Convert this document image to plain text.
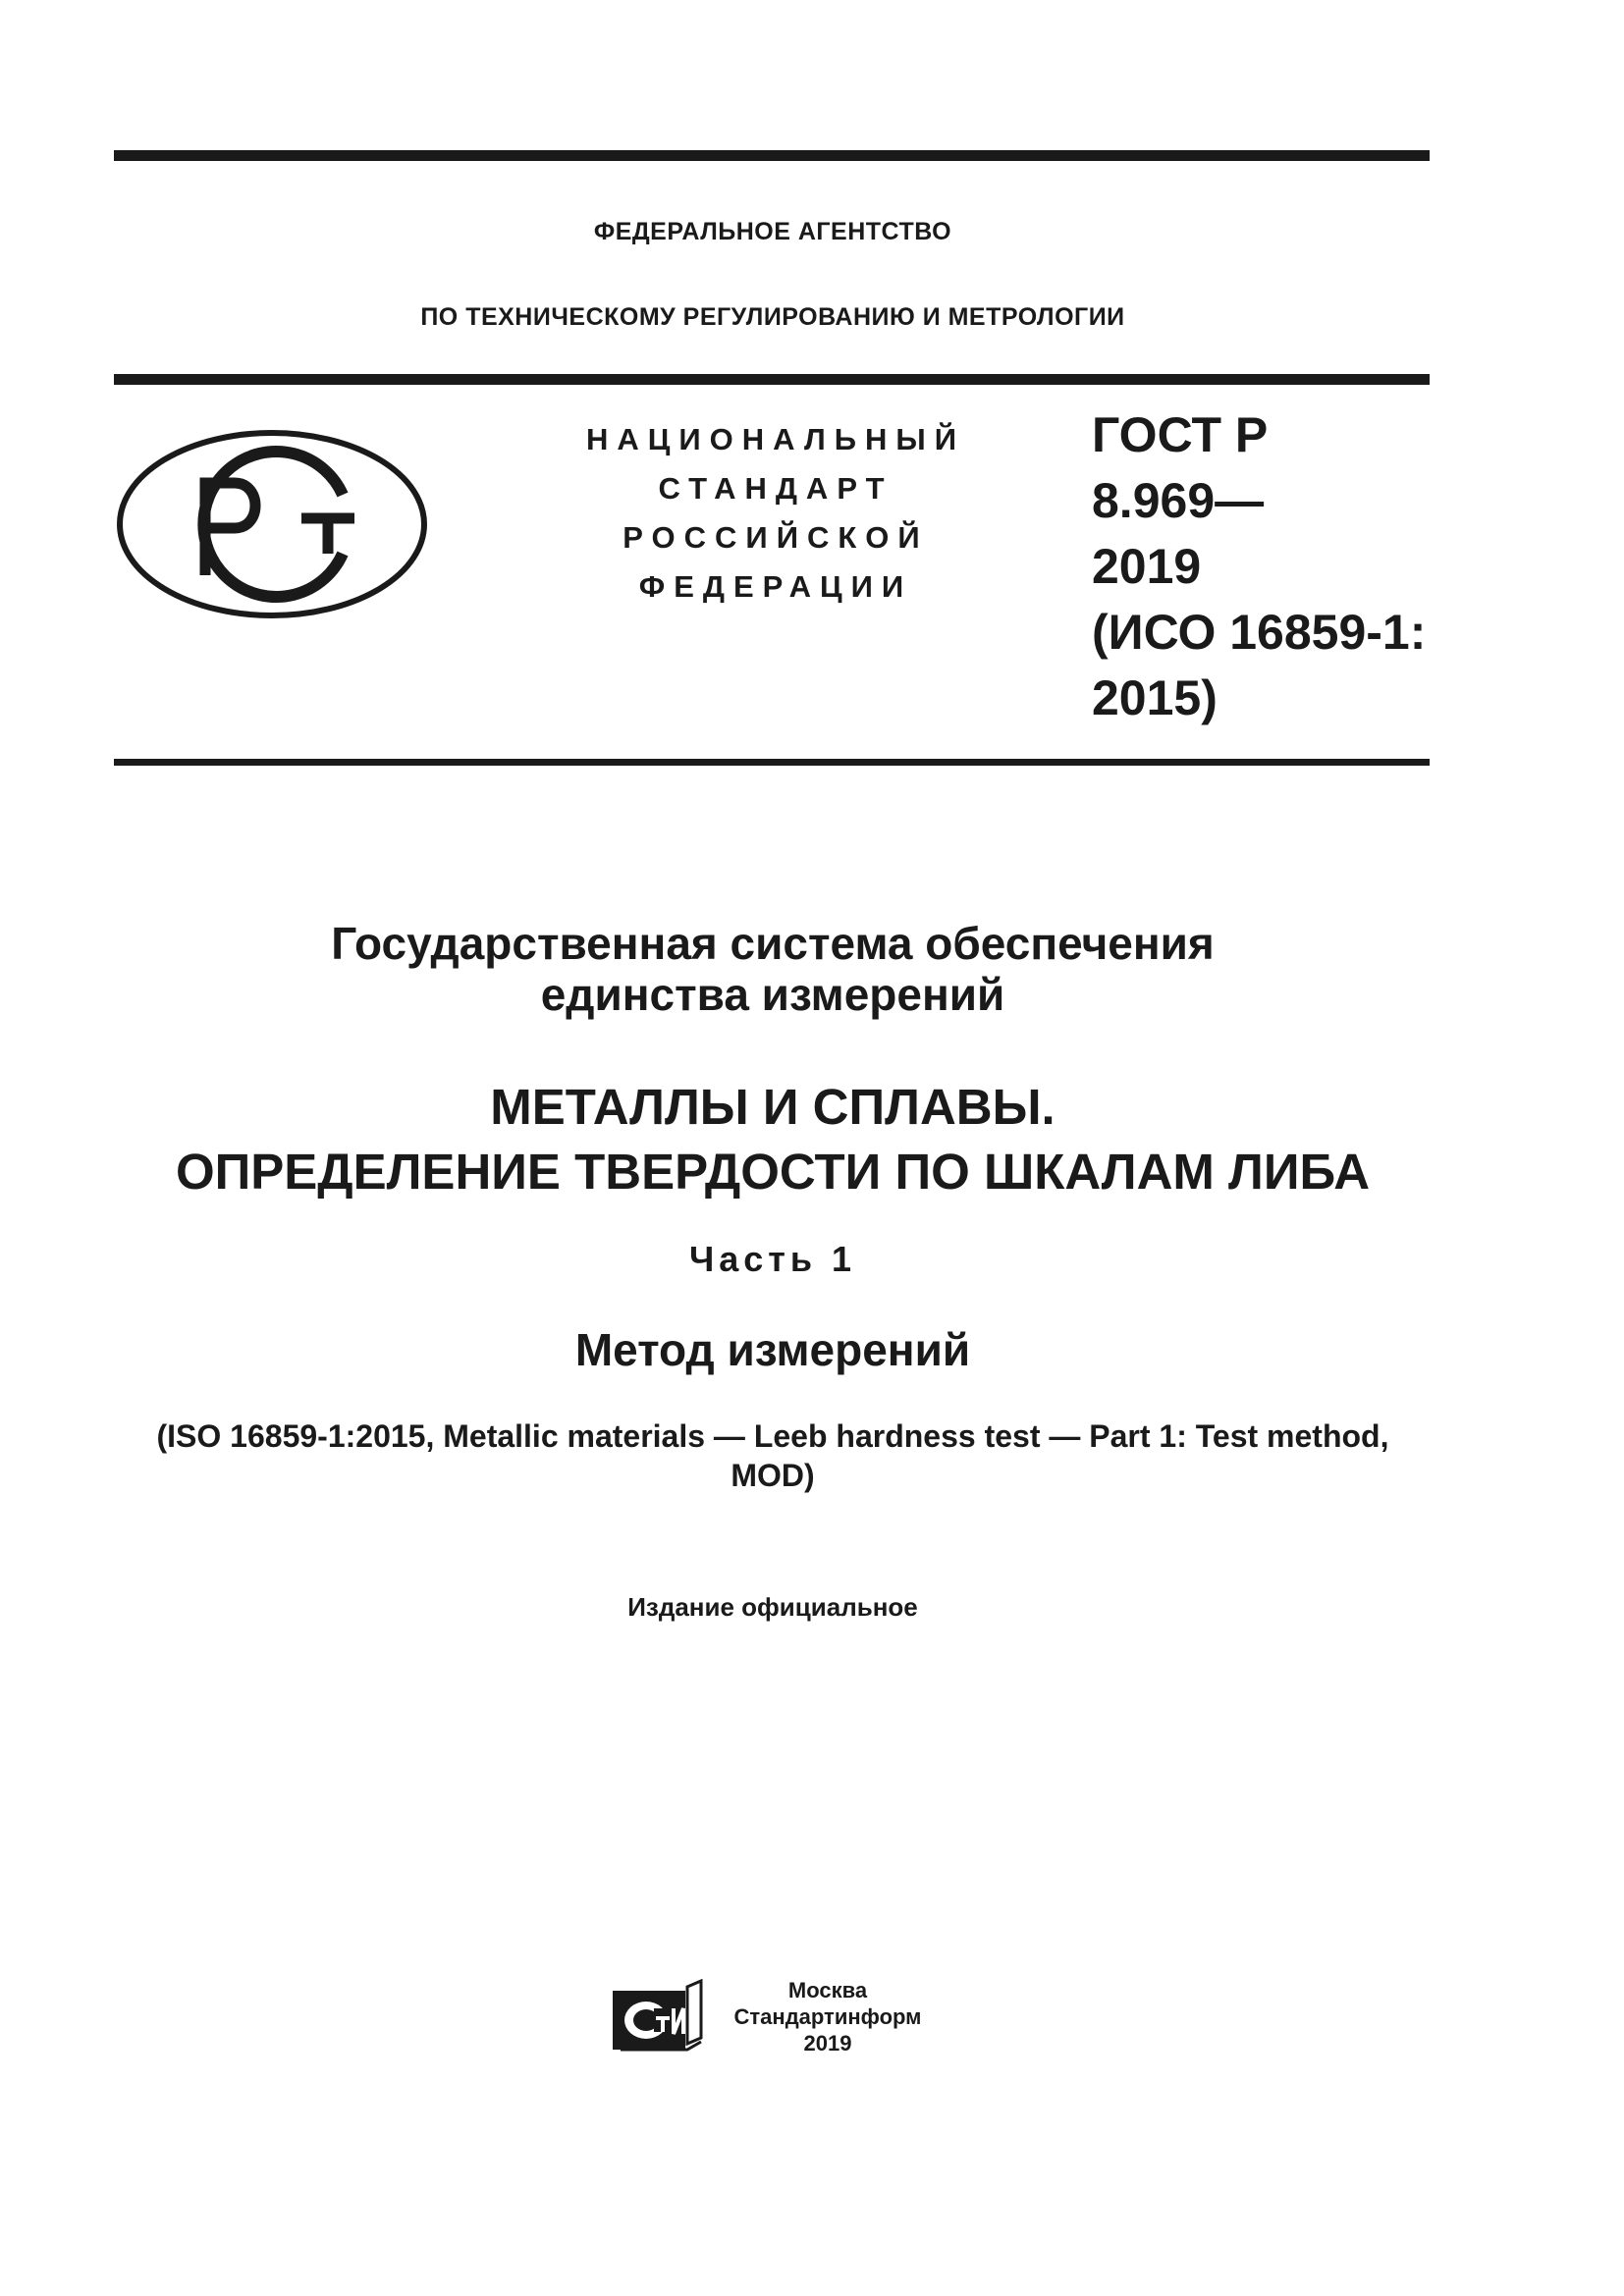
ФЕДЕРАЛЬНОЕ АГЕНТСТВО
ПО ТЕХНИЧЕСКОМУ РЕГУЛИРОВАНИЮ И МЕТРОЛОГИИ
НАЦИОНАЛЬНЫЙ
СТАНДАРТ
РОССИЙСКОЙ
ФЕДЕРАЦИИ
ГОСТ Р
8.969—
2019
(ИСО 16859-1:
2015)
Государственная система обеспечения
единства измерений
МЕТАЛЛЫ И СПЛАВЫ.
ОПРЕДЕЛЕНИЕ ТВЕРДОСТИ ПО ШКАЛАМ ЛИБА
Часть 1
Метод измерений
(ISO 16859-1:2015, Metallic materials — Leeb hardness test — Part 1: Test method,
MOD)
Издание официальное
Москва
Стандартинформ
2019
